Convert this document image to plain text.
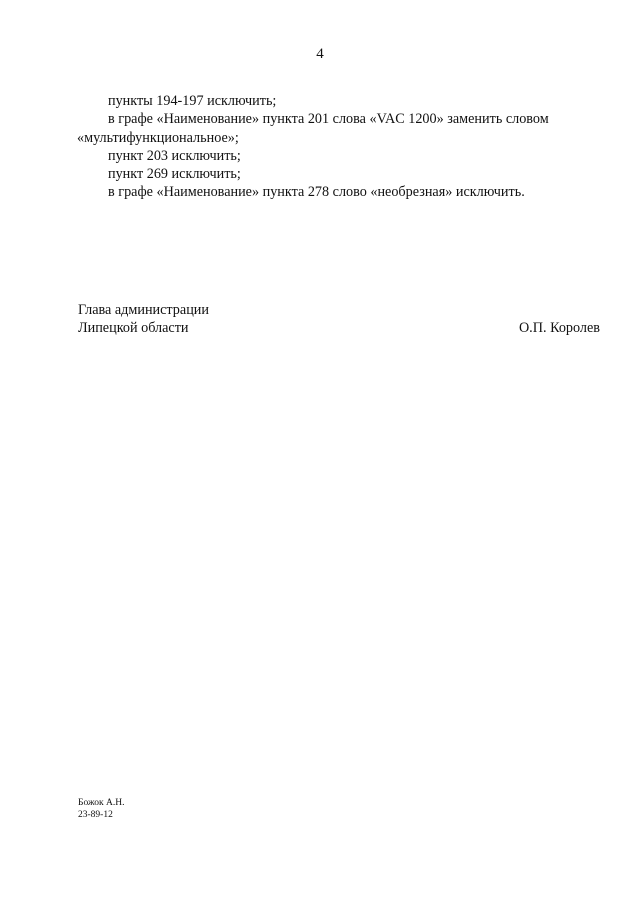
4

пункты 194-197 исключить;

в графе «Наименование» пункта 201 слова «VAC 1200» заменить словом «мультифункциональное»;

пункт 203 исключить;

пункт 269 исключить;

в графе «Наименование» пункта 278 слово «необрезная» исключить.

Глава администрации
Липецкой области	О.П. Королев
Божок А.Н.
23-89-12
